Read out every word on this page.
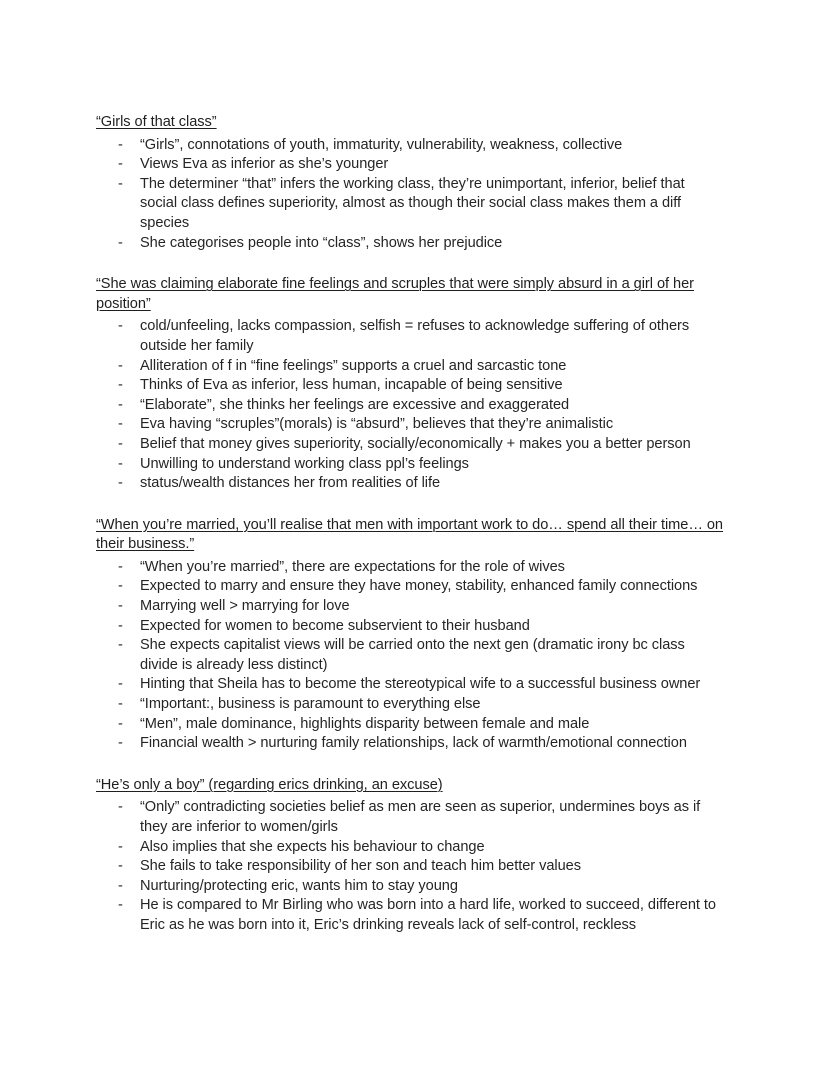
“Girls of that class”
- “Girls”, connotations of youth, immaturity, vulnerability, weakness, collective
- Views Eva as inferior as she’s younger
- The determiner “that” infers the working class, they’re unimportant, inferior, belief that social class defines superiority, almost as though their social class makes them a diff species
- She categorises people into “class”, shows her prejudice
“She was claiming elaborate fine feelings and scruples that were simply absurd in a girl of her position”
- cold/unfeeling, lacks compassion, selfish = refuses to acknowledge suffering of others outside her family
- Alliteration of f in “fine feelings” supports a cruel and sarcastic tone
- Thinks of Eva as inferior, less human, incapable of being sensitive
- “Elaborate”, she thinks her feelings are excessive and exaggerated
- Eva having “scruples”(morals) is “absurd”, believes that they’re animalistic
- Belief that money gives superiority, socially/economically + makes you a better person
- Unwilling to understand working class ppl’s feelings
- status/wealth distances her from realities of life
“When you’re married, you’ll realise that men with important work to do… spend all their time… on their business.”
- “When you’re married”, there are expectations for the role of wives
- Expected to marry and ensure they have money, stability, enhanced family connections
- Marrying well > marrying for love
- Expected for women to become subservient to their husband
- She expects capitalist views will be carried onto the next gen (dramatic irony bc class divide is already less distinct)
- Hinting that Sheila has to become the stereotypical wife to a successful business owner
- “Important:, business is paramount to everything else
- “Men”, male dominance, highlights disparity between female and male
- Financial wealth > nurturing family relationships, lack of warmth/emotional connection
“He’s only a boy” (regarding erics drinking, an excuse)
- “Only” contradicting societies belief as men are seen as superior, undermines boys as if they are inferior to women/girls
- Also implies that she expects his behaviour to change
- She fails to take responsibility of her son and teach him better values
- Nurturing/protecting eric, wants him to stay young
- He is compared to Mr Birling who was born into a hard life, worked to succeed, different to Eric as he was born into it, Eric’s drinking reveals lack of self-control, reckless
